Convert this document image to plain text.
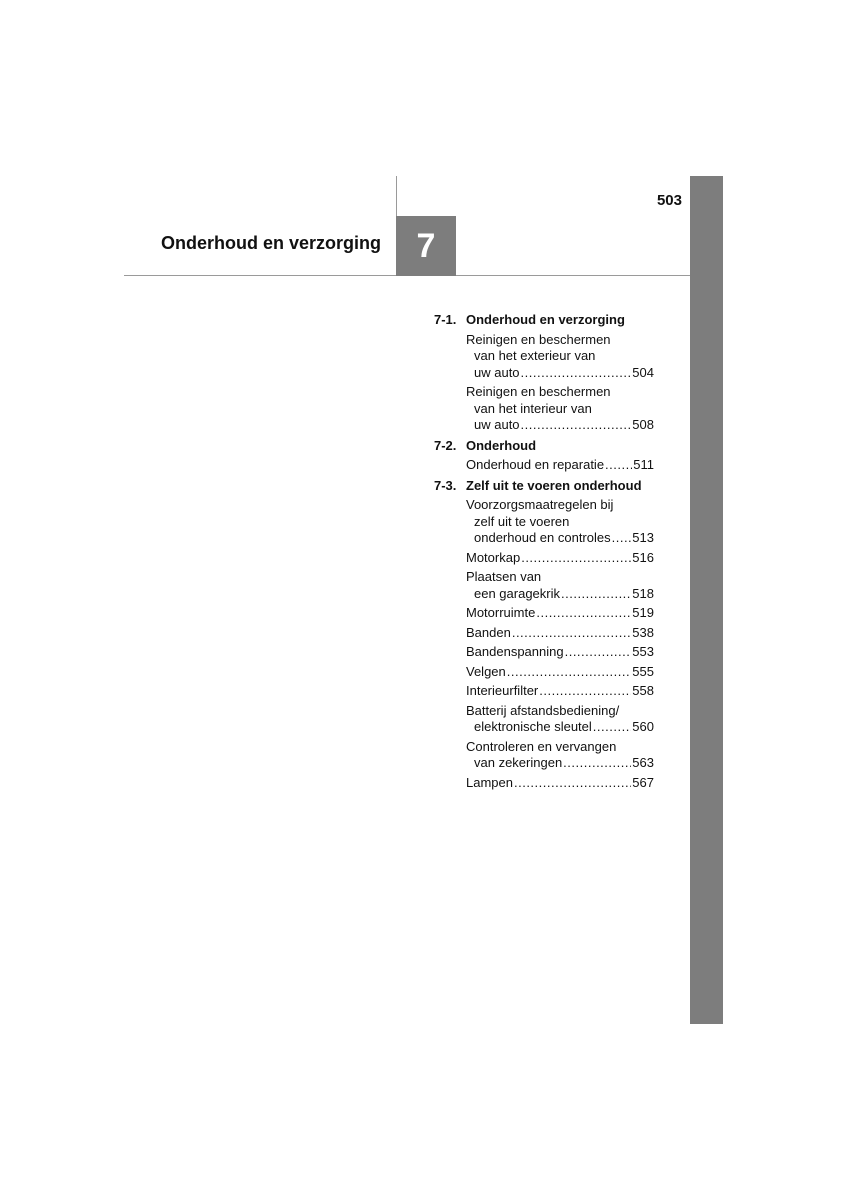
503
Onderhoud en verzorging 7
7-1. Onderhoud en verzorging
Reinigen en beschermen
van het exterieur van
uw auto .....	504
Reinigen en beschermen
van het interieur van
uw auto .....	508
7-2. Onderhoud
Onderhoud en reparatie ..... 511
7-3. Zelf uit te voeren onderhoud
Voorzorgsmaatregelen bij
zelf uit te voeren
onderhoud en controles ..... 513
Motorkap .....	516
Plaatsen van
een garagekrik .....	518
Motorruimte .....	519
Banden .....	538
Bandenspanning .....	553
Velgen .....	555
Interieurfilter .....	558
Batterij afstandsbediening/
elektronische sleutel .....	560
Controleren en vervangen
van zekeringen .....	563
Lampen .....	567
